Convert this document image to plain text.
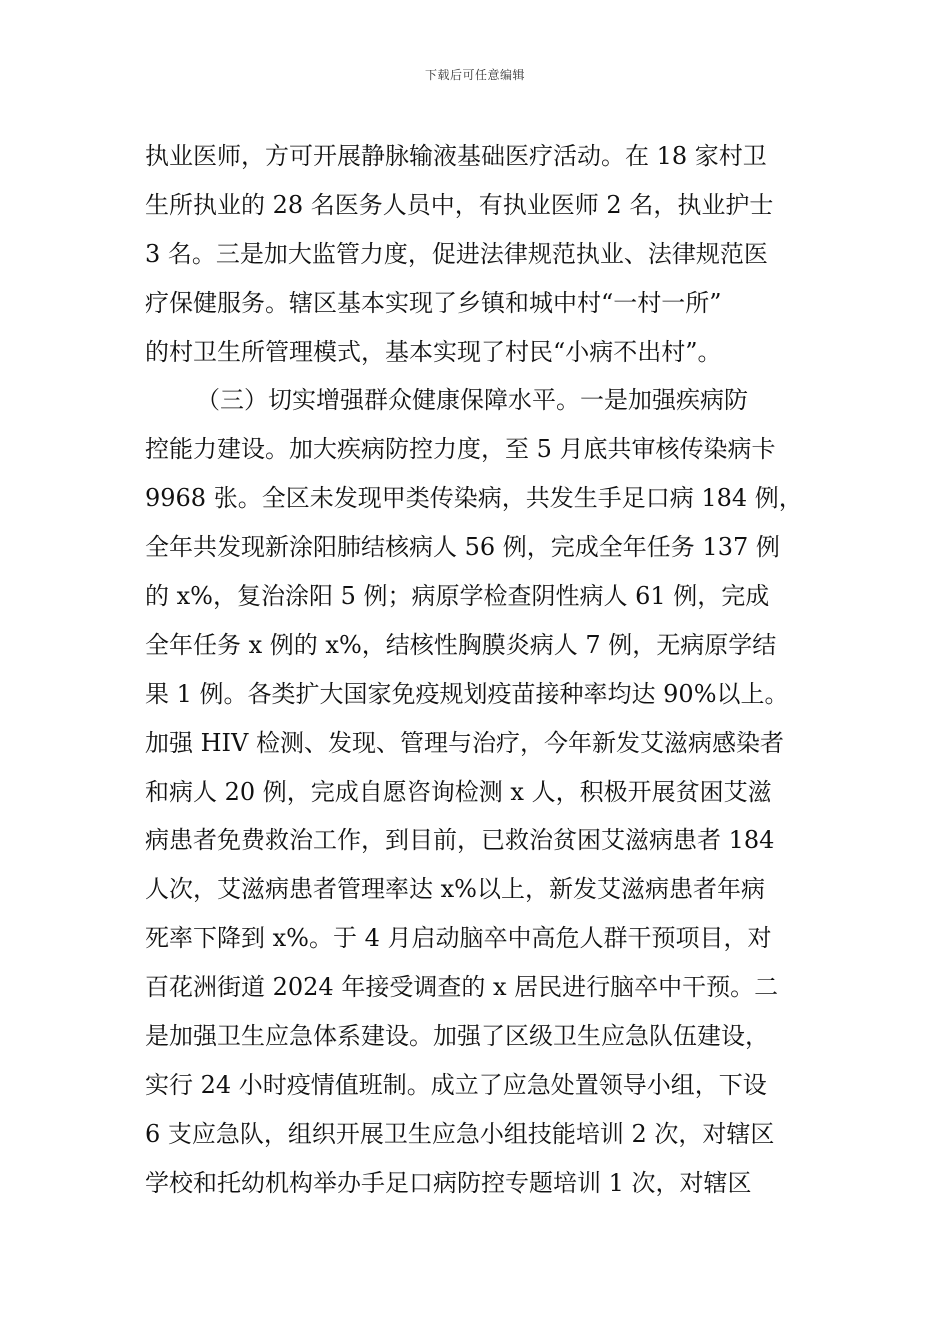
下载后可任意编辑
执业医师，方可开展静脉输液基础医疗活动。在 18 家村卫
生所执业的 28 名医务人员中，有执业医师 2 名，执业护士
3 名。三是加大监管力度，促进法律规范执业、法律规范医
疗保健服务。辖区基本实现了乡镇和城中村“一村一所”
的村卫生所管理模式，基本实现了村民“小病不出村”。
（三）切实增强群众健康保障水平。一是加强疾病防
控能力建设。加大疾病防控力度，至 5 月底共审核传染病卡
9968 张。全区未发现甲类传染病，共发生手足口病 184 例，
全年共发现新涂阳肺结核病人 56 例，完成全年任务 137 例
的 x%，复治涂阳 5 例；病原学检查阴性病人 61 例，完成
全年任务 x 例的 x%，结核性胸膜炎病人 7 例，无病原学结
果 1 例。各类扩大国家免疫规划疫苗接种率均达 90%以上。
加强 HIV 检测、发现、管理与治疗，今年新发艾滋病感染者
和病人 20 例，完成自愿咨询检测 x 人，积极开展贫困艾滋
病患者免费救治工作，到目前，已救治贫困艾滋病患者 184
人次，艾滋病患者管理率达 x%以上，新发艾滋病患者年病
死率下降到 x%。于 4 月启动脑卒中高危人群干预项目，对
百花洲街道 2024 年接受调查的 x 居民进行脑卒中干预。二
是加强卫生应急体系建设。加强了区级卫生应急队伍建设，
实行 24 小时疫情值班制。成立了应急处置领导小组，下设
6 支应急队，组织开展卫生应急小组技能培训 2 次，对辖区
学校和托幼机构举办手足口病防控专题培训 1 次，对辖区
